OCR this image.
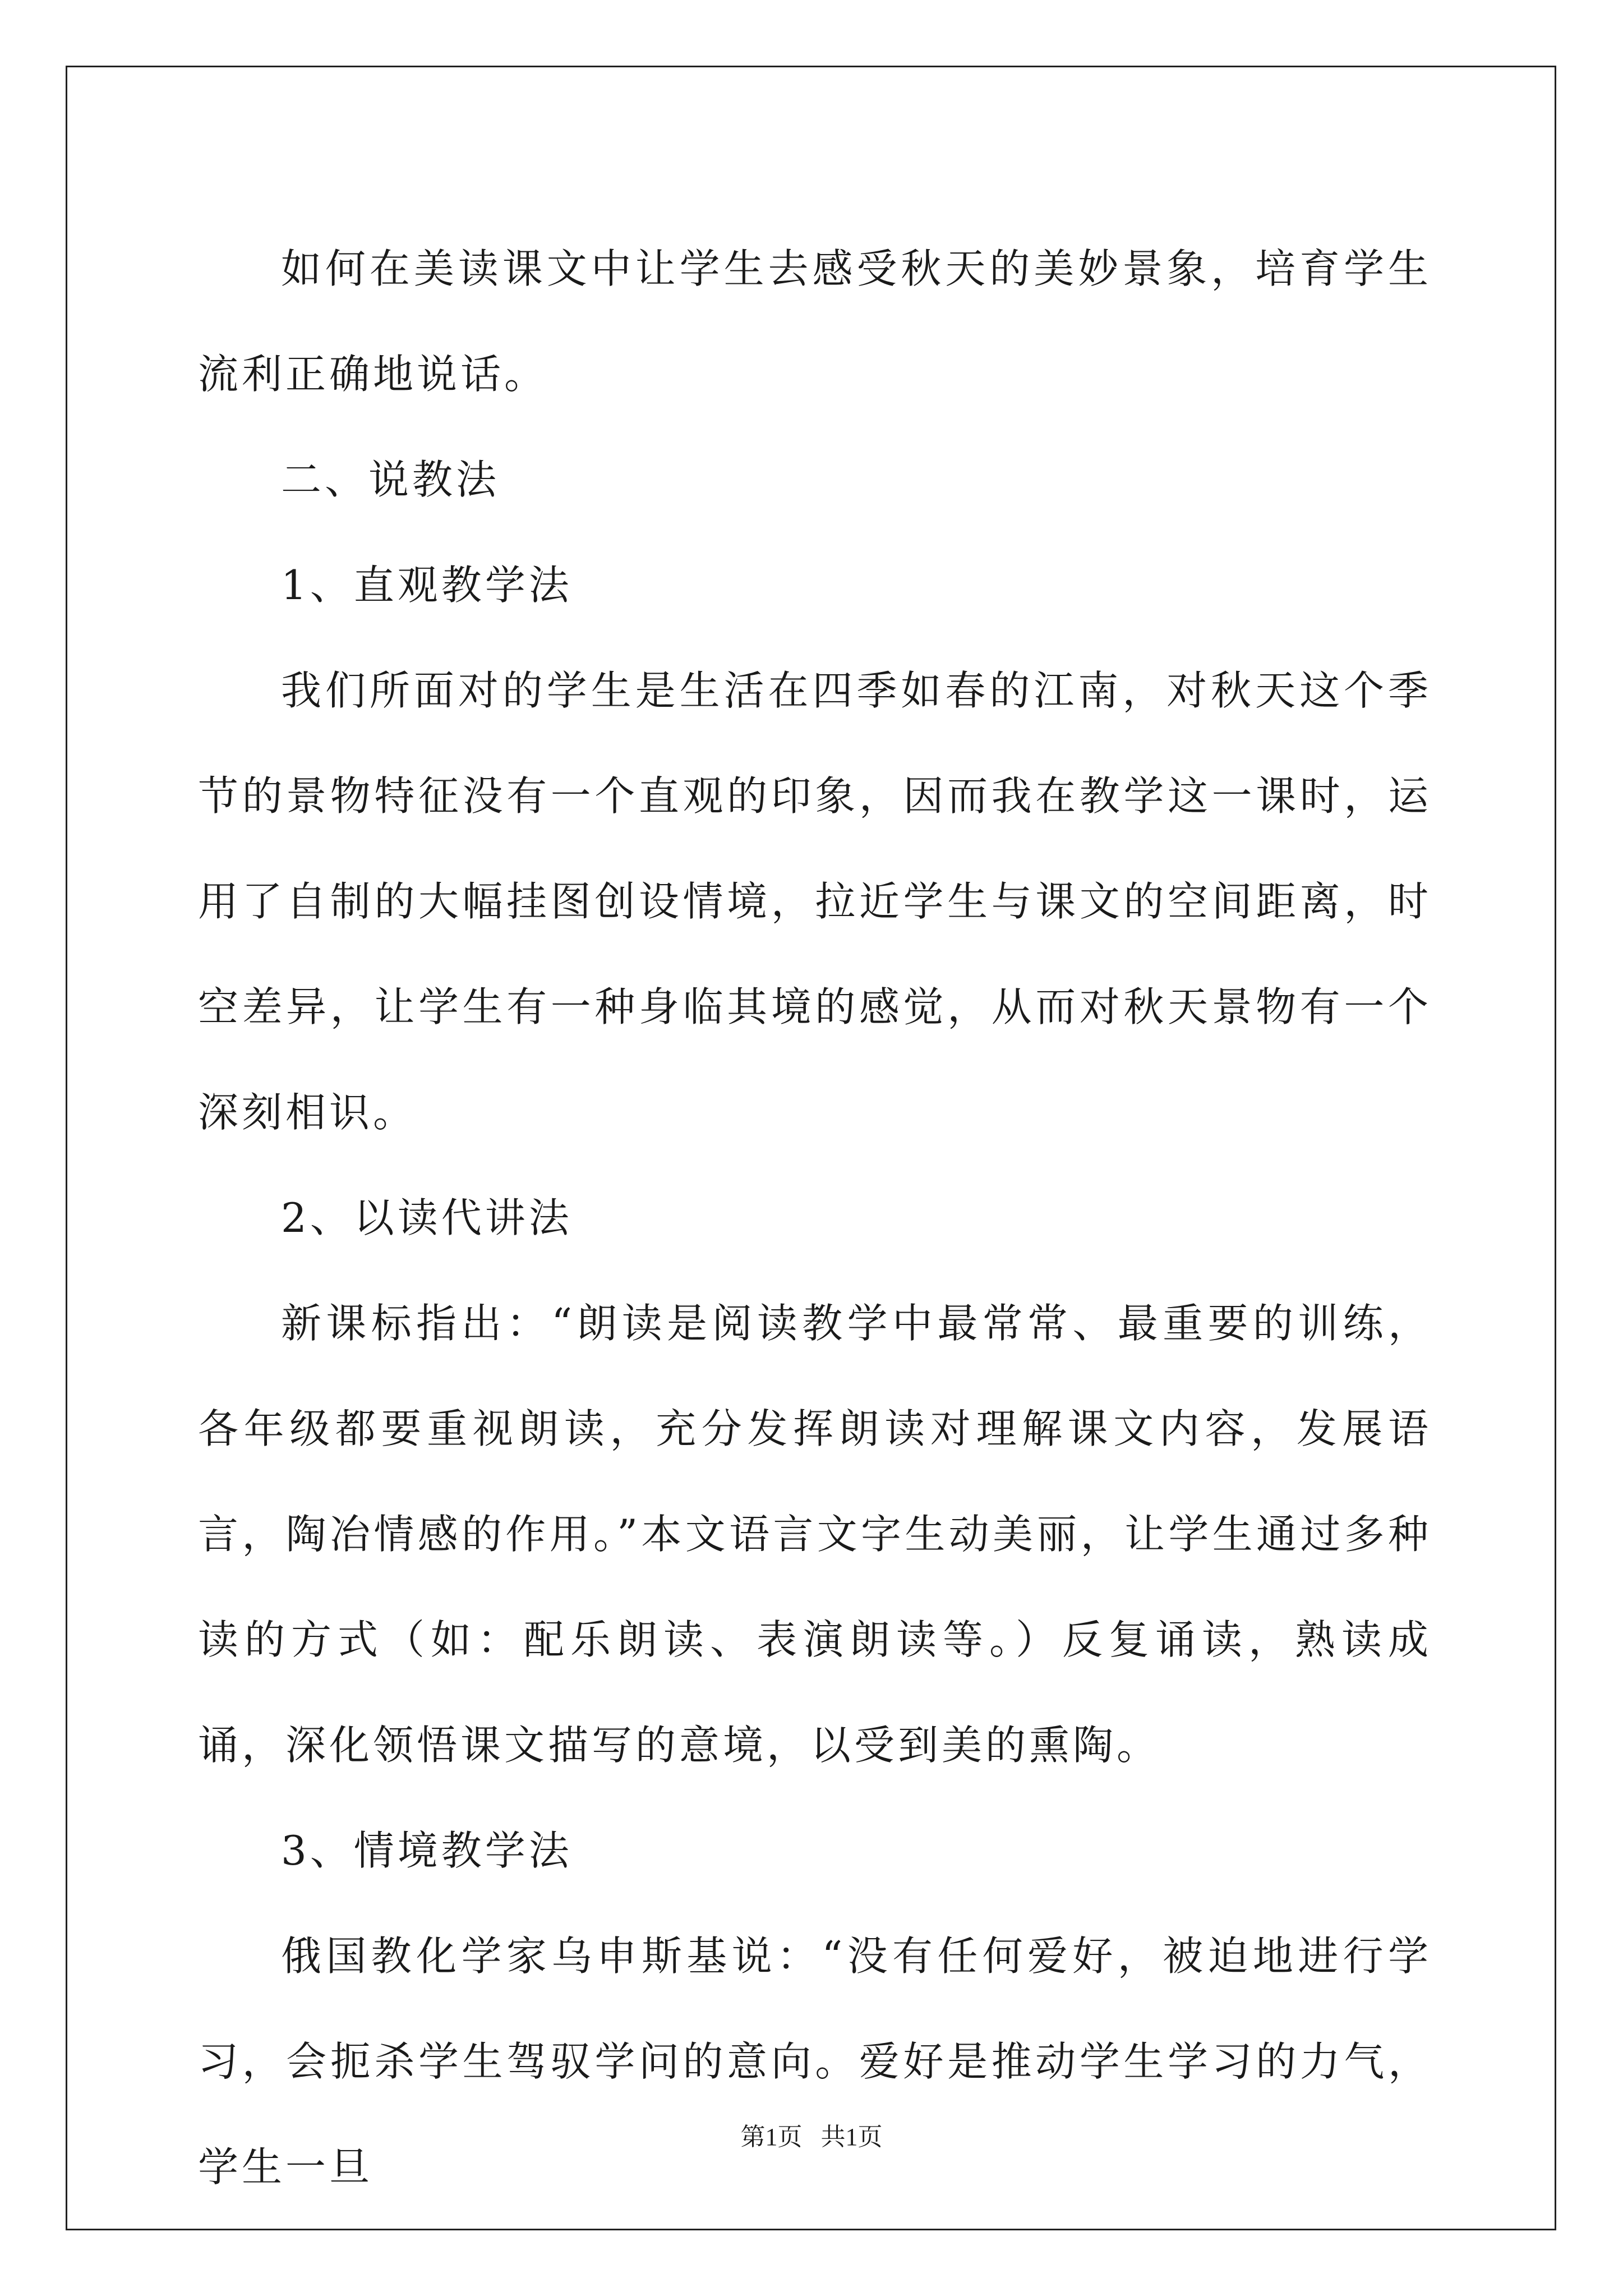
如何在美读课文中让学生去感受秋天的美妙景象，培育学生流利正确地说话。

二、说教法

1、直观教学法

我们所面对的学生是生活在四季如春的江南，对秋天这个季节的景物特征没有一个直观的印象，因而我在教学这一课时，运用了自制的大幅挂图创设情境，拉近学生与课文的空间距离，时空差异，让学生有一种身临其境的感觉，从而对秋天景物有一个深刻相识。

2、以读代讲法

新课标指出：“朗读是阅读教学中最常常、最重要的训练，各年级都要重视朗读，充分发挥朗读对理解课文内容，发展语言，陶冶情感的作用。”本文语言文字生动美丽，让学生通过多种读的方式（如：配乐朗读、表演朗读等。）反复诵读，熟读成诵，深化领悟课文描写的意境，以受到美的熏陶。

3、情境教学法

俄国教化学家乌申斯基说：“没有任何爱好，被迫地进行学习，会扼杀学生驾驭学问的意向。爱好是推动学生学习的力气，学生一旦

第1页 共1页
